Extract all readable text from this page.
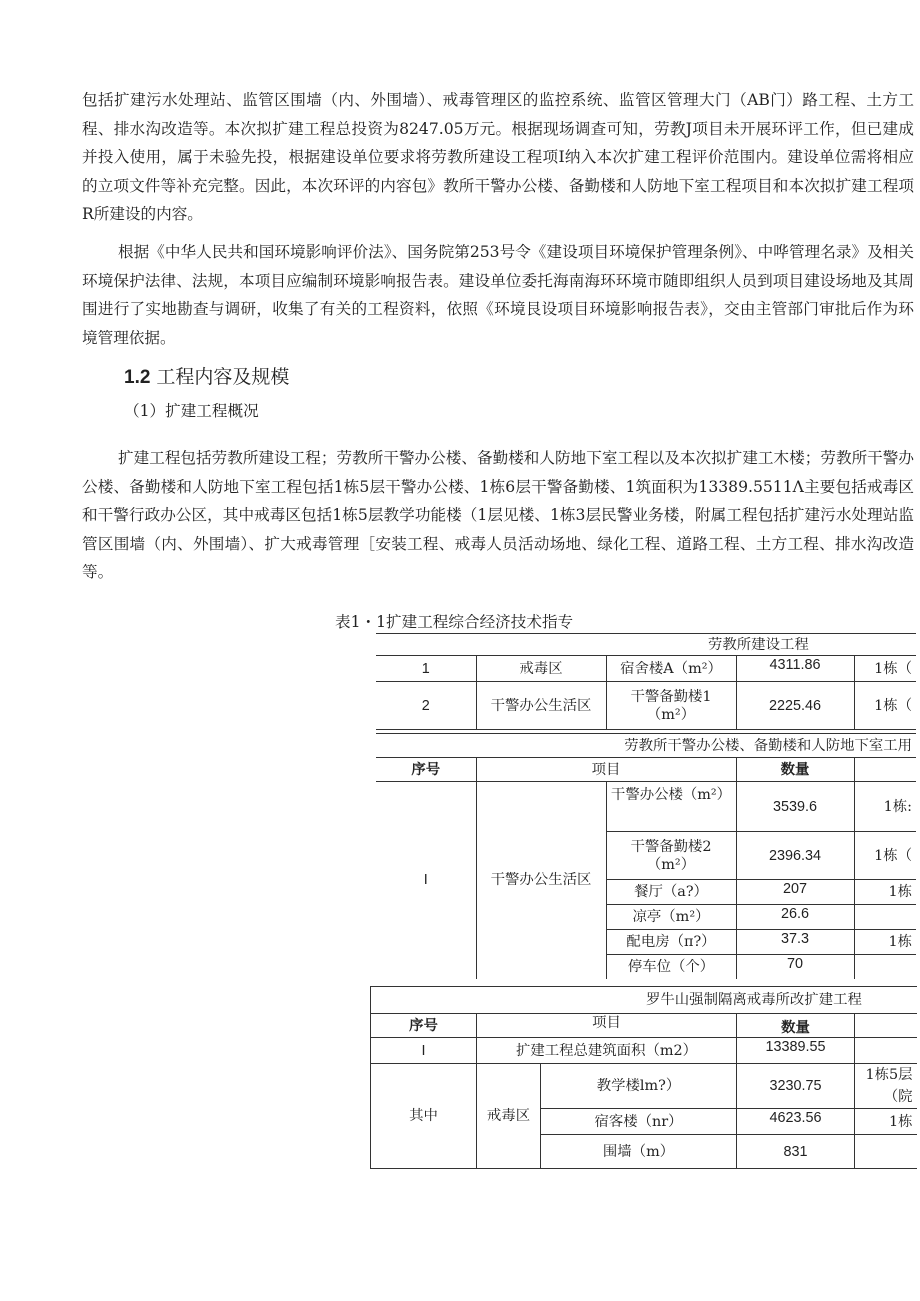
包括扩建污水处理站、监管区围墙（内、外围墙）、戒毒管理区的监控系统、监管区管理大门（AB门）路工程、土方工程、排水沟改造等。本次拟扩建工程总投资为8247.05万元。根据现场调查可知，劳教J项目未开展环评工作，但已建成并投入使用，属于未验先投，根据建设单位要求将劳教所建设工程项I纳入本次扩建工程评价范围内。建设单位需将相应的立项文件等补充完整。因此，本次环评的内容包》教所干警办公楼、备勤楼和人防地下室工程项目和本次拟扩建工程项R所建设的内容。

根据《中华人民共和国环境影响评价法》、国务院第253号令《建设项目环境保护管理条例》、中哗管理名录》及相关环境保护法律、法规，本项目应编制环境影响报告表。建设单位委托海南海环环境市随即组织人员到项目建设场地及其周围进行了实地勘查与调研，收集了有关的工程资料，依照《环境艮设项目环境影响报告表》，交由主管部门审批后作为环境管理依据。

1.2 工程内容及规模
（1）扩建工程概况

扩建工程包括劳教所建设工程；劳教所干警办公楼、备勤楼和人防地下室工程以及本次拟扩建工木楼；劳教所干警办公楼、备勤楼和人防地下室工程包括1栋5层干警办公楼、1栋6层干警备勤楼、1筑面积为13389.5511Λ主要包括戒毒区和干警行政办公区，其中戒毒区包括1栋5层教学功能楼（1层见楼、1栋3层民警业务楼，附属工程包括扩建污水处理站监管区围墙（内、外围墙）、扩大戒毒管理［安装工程、戒毒人员活动场地、绿化工程、道路工程、土方工程、排水沟改造等。

表1・1扩建工程综合经济技术指专
劳教所建设工程				
1	戒毒区	宿舍楼A（m²）	4311.86	1栋（
2	干警办公生活区	干警备勤楼1（m²）	2225.46	1栋（
劳教所干警办公楼、备勤楼和人防地下室工用				
序号	项目		数量	
I	干警办公生活区	干警办公楼（m²）	3539.6	1栋:
		干警备勤楼2（m²）	2396.34	1栋（
		餐厅（a?）	207	1栋
		凉亭（m²）	26.6	
		配电房（π?）	37.3	1栋
		停车位（个）	70	
罗牛山强制隔离戒毒所改扩建工程				
序号	项目		数量	
I	扩建工程总建筑面积（m2）		13389.55	
其中	戒毒区	教学楼lm?）	3230.75	1栋5层
（院
		宿客楼（nr）	4623.56	1栋
		围墙（m）	831	
